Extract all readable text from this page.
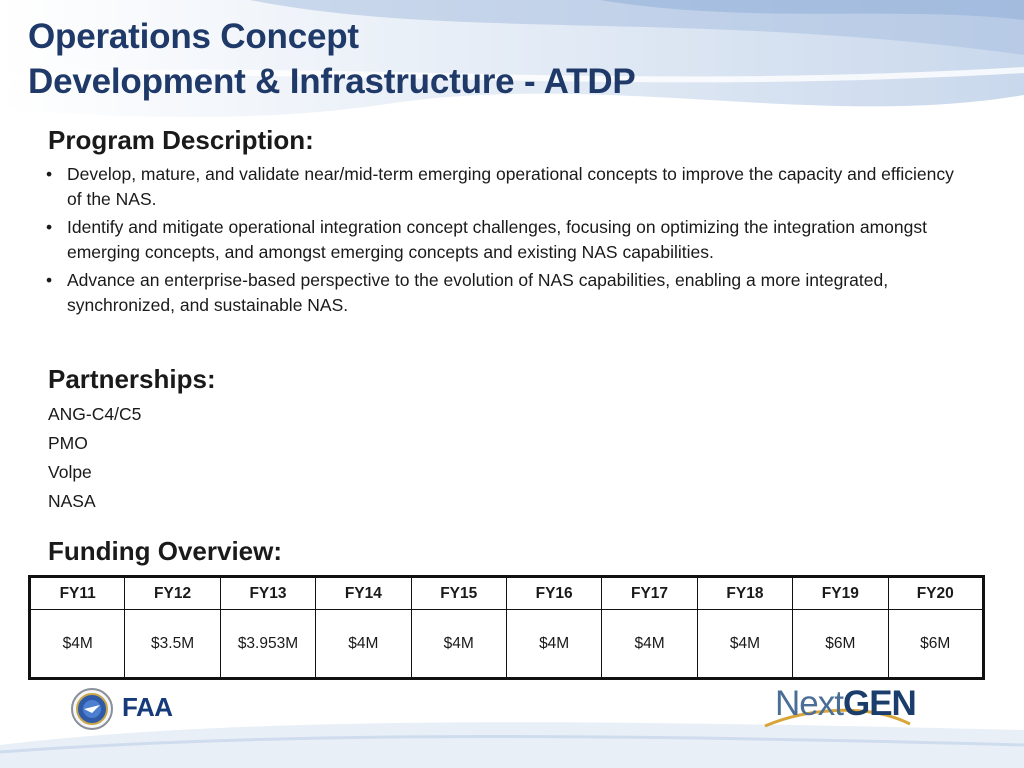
Operations Concept
Development & Infrastructure - ATDP
Program Description:
• Develop, mature, and validate near/mid-term emerging operational concepts to improve the capacity and efficiency of the NAS.
• Identify and mitigate operational integration concept challenges, focusing on optimizing the integration amongst emerging concepts, and amongst emerging concepts and existing NAS capabilities.
• Advance an enterprise-based perspective to the evolution of NAS capabilities, enabling a more integrated, synchronized, and sustainable NAS.
Partnerships:
ANG-C4/C5
PMO
Volpe
NASA
Funding Overview:
FY11	FY12	FY13	FY14	FY15	FY16	FY17	FY18	FY19	FY20
$4M	$3.5M	$3.953M	$4M	$4M	$4M	$4M	$4M	$6M	$6M
FAA	NextGEN
